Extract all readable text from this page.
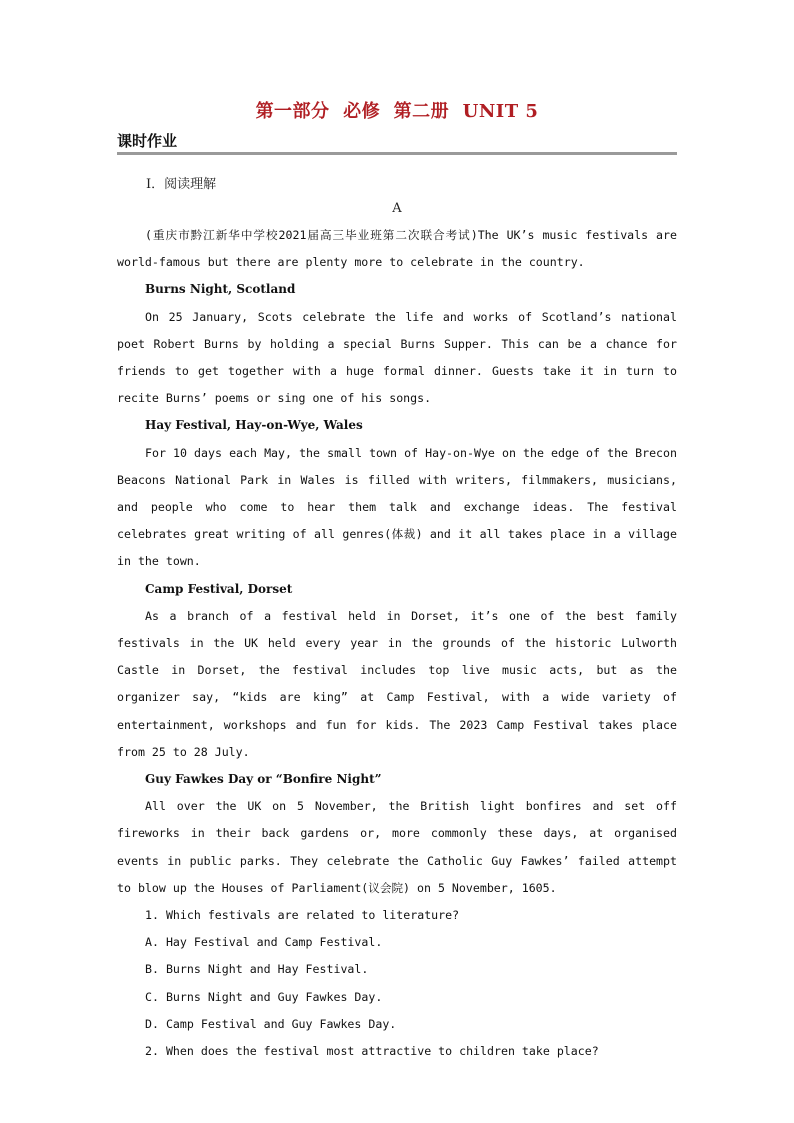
第一部分  必修  第二册  UNIT 5
课时作业
Ⅰ．阅读理解
A

(重庆市黔江新华中学校2021届高三毕业班第二次联合考试)The UK’s music festivals are world-famous but there are plenty more to celebrate in the country.

Burns Night, Scotland

On 25 January, Scots celebrate the life and works of Scotland’s national poet Robert Burns by holding a special Burns Supper. This can be a chance for friends to get together with a huge formal dinner. Guests take it in turn to recite Burns’ poems or sing one of his songs.

Hay Festival, Hay-on-Wye, Wales

For 10 days each May, the small town of Hay-on-Wye on the edge of the Brecon Beacons National Park in Wales is filled with writers, filmmakers, musicians, and people who come to hear them talk and exchange ideas. The festival celebrates great writing of all genres(体裁) and it all takes place in a village in the town.

Camp Festival, Dorset

As a branch of a festival held in Dorset, it’s one of the best family festivals in the UK held every year in the grounds of the historic Lulworth Castle in Dorset, the festival includes top live music acts, but as the organizer say, “kids are king” at Camp Festival, with a wide variety of entertainment, workshops and fun for kids. The 2023 Camp Festival takes place from 25 to 28 July.

Guy Fawkes Day or “Bonfire Night”

All over the UK on 5 November, the British light bonfires and set off fireworks in their back gardens or, more commonly these days, at organised events in public parks. They celebrate the Catholic Guy Fawkes’ failed attempt to blow up the Houses of Parliament(议会院) on 5 November, 1605.

1. Which festivals are related to literature?

A. Hay Festival and Camp Festival.

B. Burns Night and Hay Festival.

C. Burns Night and Guy Fawkes Day.

D. Camp Festival and Guy Fawkes Day.

2. When does the festival most attractive to children take place?
